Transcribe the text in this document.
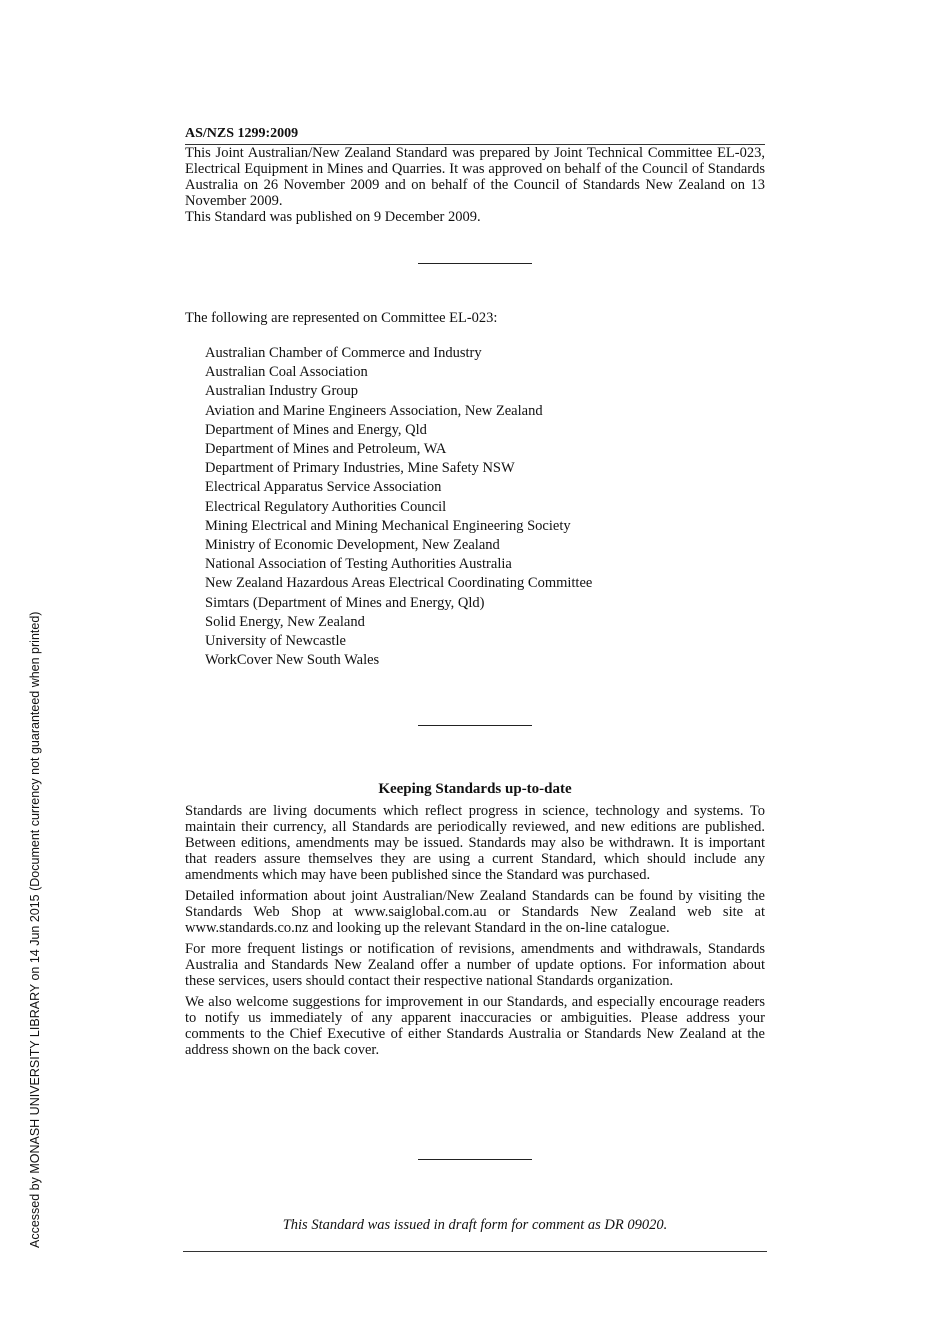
Accessed by MONASH UNIVERSITY LIBRARY on 14 Jun 2015 (Document currency not guaranteed when printed)
AS/NZS 1299:2009

This Joint Australian/New Zealand Standard was prepared by Joint Technical Committee EL-023, Electrical Equipment in Mines and Quarries. It was approved on behalf of the Council of Standards Australia on 26 November 2009 and on behalf of the Council of Standards New Zealand on 13 November 2009.

This Standard was published on 9 December 2009.

The following are represented on Committee EL-023:
Australian Chamber of Commerce and Industry
Australian Coal Association
Australian Industry Group
Aviation and Marine Engineers Association, New Zealand
Department of Mines and Energy, Qld
Department of Mines and Petroleum, WA
Department of Primary Industries, Mine Safety NSW
Electrical Apparatus Service Association
Electrical Regulatory Authorities Council
Mining Electrical and Mining Mechanical Engineering Society
Ministry of Economic Development, New Zealand
National Association of Testing Authorities Australia
New Zealand Hazardous Areas Electrical Coordinating Committee
Simtars (Department of Mines and Energy, Qld)
Solid Energy, New Zealand
University of Newcastle
WorkCover New South Wales
Keeping Standards up-to-date

Standards are living documents which reflect progress in science, technology and systems. To maintain their currency, all Standards are periodically reviewed, and new editions are published. Between editions, amendments may be issued. Standards may also be withdrawn. It is important that readers assure themselves they are using a current Standard, which should include any amendments which may have been published since the Standard was purchased.

Detailed information about joint Australian/New Zealand Standards can be found by visiting the Standards Web Shop at www.saiglobal.com.au or Standards New Zealand web site at www.standards.co.nz and looking up the relevant Standard in the on-line catalogue.

For more frequent listings or notification of revisions, amendments and withdrawals, Standards Australia and Standards New Zealand offer a number of update options. For information about these services, users should contact their respective national Standards organization.

We also welcome suggestions for improvement in our Standards, and especially encourage readers to notify us immediately of any apparent inaccuracies or ambiguities. Please address your comments to the Chief Executive of either Standards Australia or Standards New Zealand at the address shown on the back cover.

This Standard was issued in draft form for comment as DR 09020.
